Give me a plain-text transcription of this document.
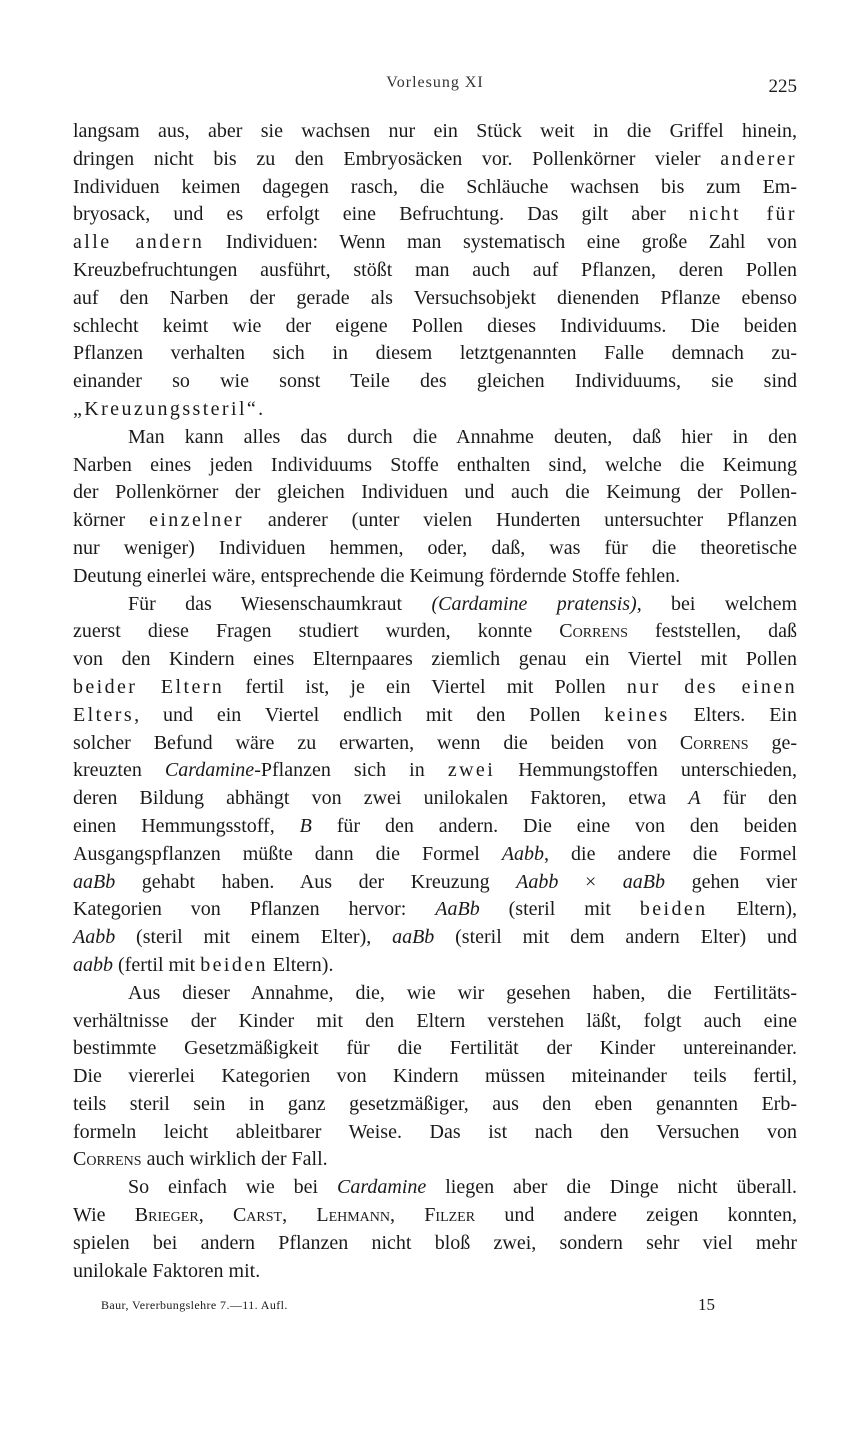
Vorlesung XI	225

langsam aus, aber sie wachsen nur ein Stück weit in die Griffel hinein,
dringen nicht bis zu den Embryosäcken vor. Pollenkörner vieler anderer
Individuen keimen dagegen rasch, die Schläuche wachsen bis zum Em-
bryosack, und es erfolgt eine Befruchtung. Das gilt aber nicht für
alle andern Individuen: Wenn man systematisch eine große Zahl von
Kreuzbefruchtungen ausführt, stößt man auch auf Pflanzen, deren Pollen
auf den Narben der gerade als Versuchsobjekt dienenden Pflanze ebenso
schlecht keimt wie der eigene Pollen dieses Individuums. Die beiden
Pflanzen verhalten sich in diesem letztgenannten Falle demnach zu-
einander so wie sonst Teile des gleichen Individuums, sie sind
„Kreuzungssteril“.

Man kann alles das durch die Annahme deuten, daß hier in den
Narben eines jeden Individuums Stoffe enthalten sind, welche die Keimung
der Pollenkörner der gleichen Individuen und auch die Keimung der Pollen-
körner einzelner anderer (unter vielen Hunderten untersuchter Pflanzen
nur weniger) Individuen hemmen, oder, daß, was für die theoretische
Deutung einerlei wäre, entsprechende die Keimung fördernde Stoffe fehlen.

Für das Wiesenschaumkraut (Cardamine pratensis), bei welchem
zuerst diese Fragen studiert wurden, konnte Correns feststellen, daß
von den Kindern eines Elternpaares ziemlich genau ein Viertel mit Pollen
beider Eltern fertil ist, je ein Viertel mit Pollen nur des einen
Elters, und ein Viertel endlich mit den Pollen keines Elters. Ein
solcher Befund wäre zu erwarten, wenn die beiden von Correns ge-
kreuzten Cardamine-Pflanzen sich in zwei Hemmungstoffen unterschieden,
deren Bildung abhängt von zwei unilokalen Faktoren, etwa A für den
einen Hemmungsstoff, B für den andern. Die eine von den beiden
Ausgangspflanzen müßte dann die Formel Aabb, die andere die Formel
aaBb gehabt haben. Aus der Kreuzung Aabb × aaBb gehen vier
Kategorien von Pflanzen hervor: AaBb (steril mit beiden Eltern),
Aabb (steril mit einem Elter), aaBb (steril mit dem andern Elter) und
aabb (fertil mit beiden Eltern).

Aus dieser Annahme, die, wie wir gesehen haben, die Fertilitäts-
verhältnisse der Kinder mit den Eltern verstehen läßt, folgt auch eine
bestimmte Gesetzmäßigkeit für die Fertilität der Kinder untereinander.
Die viererlei Kategorien von Kindern müssen miteinander teils fertil,
teils steril sein in ganz gesetzmäßiger, aus den eben genannten Erb-
formeln leicht ableitbarer Weise. Das ist nach den Versuchen von
Correns auch wirklich der Fall.

So einfach wie bei Cardamine liegen aber die Dinge nicht überall.
Wie Brieger, Carst, Lehmann, Filzer und andere zeigen konnten,
spielen bei andern Pflanzen nicht bloß zwei, sondern sehr viel mehr
unilokale Faktoren mit.

Baur, Vererbungslehre 7.—11. Aufl.	15
